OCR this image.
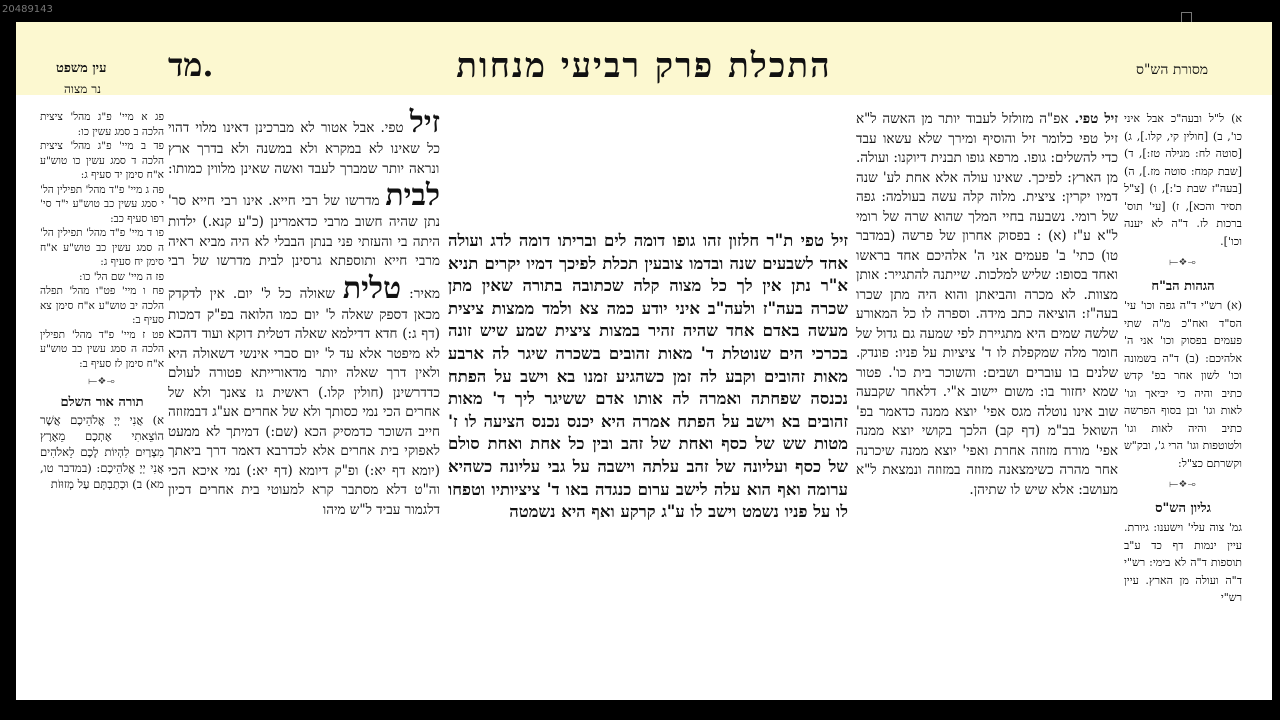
20489143
התכלת פרק רביעי מנחות
מד.	מסורת הש"ס
עין משפט
נר מצוה

א) ל"ל ובעה"כ אבל איני כו', ב) [חולין קי, קלו.], ג) [סוטה לח: מגילה טז:], ד) [שבת קמח: סוטה מז.], ה) [בעה"ז שבת כ':], ו) [צ"ל תסיר והכא], ז) [עי' תוס' ברכות לז. ד"ה לא יענה וכו'].

⟜❖⟞
הגהות הב"ח

(א) רש"י ד"ה גפה וכו' עי' הס"ד ואח"כ מ"ה שתי פעמים בפסוק וכו' אני ה' אלהיכם: (ב) ד"ה בשמונה וכו' לשון אחר בפ' קדש כתיב והיה כי יביאך וגו' לאות וגו' ובן בסוף הפרשה כתיב והיה לאות וגו' ולטוטפות וגו' הרי ג', ובק"ש וקשרתם כצ"ל:

⟜❖⟞
גליון הש"ס

גמ' צוה עלי' וישענו: גיורת. עיין ינמות דף כד ע"ב תוספות ד"ה לא בימי: רש"י ד"ה ועולה מן הארץ. עיין רש"י

זיל טפי. אפ"ה מזולזל לעבוד יותר מן האשה ל"א זיל טפי כלומר זיל והוסיף ומירך שלא עשאו עבד כדי להשלים: גופו. מרפא גופו תבנית דיוקנו: ועולה. מן הארץ: לפיכך. שאינו עולה אלא אחת לע' שנה דמיו יקרין: ציצית. מלוה קלה עשה בעולמה: גפה של רומי. נשבעה בחיי המלך שהוא שרה של רומי ל"א ע"ז (א) : בפסוק אחרון של פרשה (במדבר טו) כתי' ב' פעמים אני ה' אלהיכם אחד בראשו ואחד בסופו: שליש למלכות. שייתנה להתגייר: אותן מצוות. לא מכרה והביאתן והוא היה מתן שכרו בעה"ז: הוציאה כתב מידה. וספרה לו כל המאורע שלשה שמים היא מתגיירת לפי שמעה גם גדול של חומר מלה שמקפלת לו ד' ציציות על פניו: פונדק. שלנים בו עוברים ושבים: והשוכר בית כו'. פטור שמא יחזור בו: משום יישוב א"י. דלאחר שקבעה שוב אינו נוטלה מגס אפי' יוצא ממנה כדאמר בפ' השואל בב"מ (דף קב) הלכך בקושי יוצא ממנה אפי' מורח מזוזה אחרת ואפי' יוצא ממנה שיכרנה אחר מהרה כשימצאנה מזוזה במזוזה ונמצאת ל"א מעושב: אלא שיש לו שתיהן.

זיל טפי ת"ר חלזון זהו גופו דומה לים ובריתו דומה לדג ועולה אחד לשבעים שנה ובדמו צובעין תכלת לפיכך דמיו יקרים תניא א"ר נתן אין לך כל מצוה קלה שכתובה בתורה שאין מתן שכרה בעה"ז ולעה"ב איני יודע כמה צא ולמד ממצות ציצית מעשה באדם אחד שהיה זהיר במצות ציצית שמע שיש זונה בכרכי הים שנוטלת ד' מאות זהובים בשכרה שיגר לה ארבע מאות זהובים וקבע לה זמן כשהגיע זמנו בא וישב על הפתח נכנסה שפחתה ואמרה לה אותו אדם ששיגר ליך ד' מאות זהובים בא וישב על הפתח אמרה היא יכנס נכנס הציעה לו ז' מטות שש של כסף ואחת של זהב ובין כל אחת ואחת סולם של כסף ועליונה של זהב עלתה וישבה על גבי עליונה כשהיא ערומה ואף הוא עלה לישב ערום כנגדה באו ד' ציציותיו וטפחו לו על פניו נשמט וישב לו ע"ג קרקע ואף היא נשמטה

זיל טפי. אבל אטור לא מברכינן דאינו מלוי דהוי כל שאינו לא במקרא ולא במשנה ולא בדרך ארץ ונראה יותר שמברך לעבד ואשה שאינן מלווין כמותו: לבית מדרשו של רבי חייא. אינו רבי חייא סר' נתן שהיה חשוב מרבי כדאמרינן (כ"ע קנא.) ילדות היתה בי והעזתי פני בנתן הבבלי לא היה מביא ראיה מרבי חייא ותוספתא גרסינן לבית מדרשו של רבי מאיר: טלית שאולה כל ל' יום. אין לדקדק מכאן דספק שאלה ל' יום כמו הלואה בפ"ק דמכות (דף ג:) חדא דדילמא שאלה דטלית דוקא ועוד דהכא לא מיפטר אלא עד ל' יום סברי אינשי דשאולה היא ולאין דרך שאלה יותר מדאורייתא פטורה לעולם כדדרשינן (חולין קלו.) ראשית גז צאנך ולא של אחרים הכי נמי כסותך ולא של אחרים אע"ג דבמזוזה חייב השוכר כדמסיק הכא (שם:) דמיתך לא ממעט לאפוקי בית אחרים אלא לכדרבא דאמר דרך ביאתך (יומא דף יא:) ופ"ק דיומא (דף יא:) נמי איכא הכי וה"ט דלא מסתבר קרא למעוטי בית אחרים דכיון דלגמור עביד ל"ש מיהו

פג א מיי' פ"ג מהל' ציצית הלכה ב סמג עשין כו:

פד ב מיי' פ"ג מהל' ציצית הלכה ד סמג עשין כו טוש"ע א"ח סימן יד סעיף ג:

פה ג מיי' פ"ד מהל' תפילין הל' י סמג עשין כב טוש"ע י"ד סי' רפו סעיף כב:

פו ד מיי' פ"ד מהל' תפילין הל' ה סמג עשין כב טוש"ע א"ח סימן יח סעיף ג:

פז ה מיי' שם הל' כו:

פח ו מיי' פט"ו מהל' תפלה הלכה יב טוש"ע א"ח סימן צא סעיף ב:

פט ז מיי' פ"ד מהל' תפילין הלכה ה סמג עשין כב טוש"ע א"ח סימן לז סעיף ב:

⟜❖⟞
תורה אור השלם

א) אֲנִי יְיָ אֱלֹהֵיכֶם אֲשֶׁר הוֹצֵאתִי אֶתְכֶם מֵאֶרֶץ מִצְרַיִם לִהְיוֹת לָכֶם לֵאלֹהִים אֲנִי יְיָ אֱלֹהֵיכֶם: (במדבר טו, מא) ב) וּכְתַבְתָּם עַל מְזוּזֹת
